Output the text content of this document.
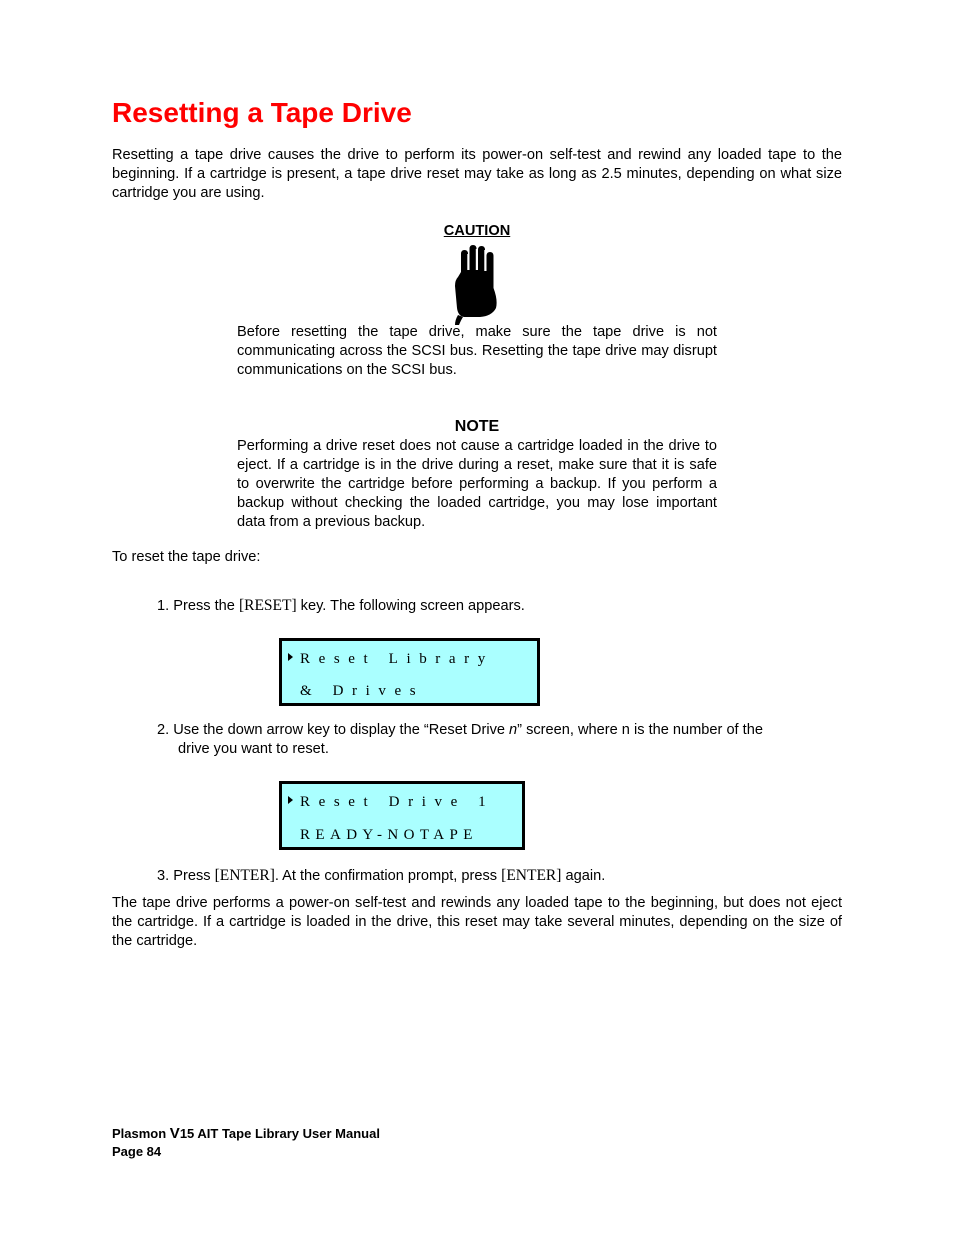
Resetting a Tape Drive

Resetting a tape drive causes the drive to perform its power-on self-test and rewind any loaded tape to the beginning. If a cartridge is present, a tape drive reset may take as long as 2.5 minutes, depending on what size cartridge you are using.

CAUTION

Before resetting the tape drive, make sure the tape drive is not communicating across the SCSI bus. Resetting the tape drive may disrupt communications on the SCSI bus.

NOTE

Performing a drive reset does not cause a cartridge loaded in the drive to eject. If a cartridge is in the drive during a reset, make sure that it is safe to overwrite the cartridge before performing a backup. If you perform a backup without checking the loaded cartridge, you may lose important data from a previous backup.

To reset the tape drive:

1. Press the [RESET] key. The following screen appears.

Reset Library
& Drives

2. Use the down arrow key to display the “Reset Drive n” screen, where n is the number of the

drive you want to reset.

Reset Drive 1
READY-NOTAPE

3. Press [ENTER]. At the confirmation prompt, press [ENTER] again.

The tape drive performs a power-on self-test and rewinds any loaded tape to the beginning, but does not eject the cartridge. If a cartridge is loaded in the drive, this reset may take several minutes, depending on the size of the cartridge.

Plasmon V15 AIT Tape Library User Manual

Page 84
